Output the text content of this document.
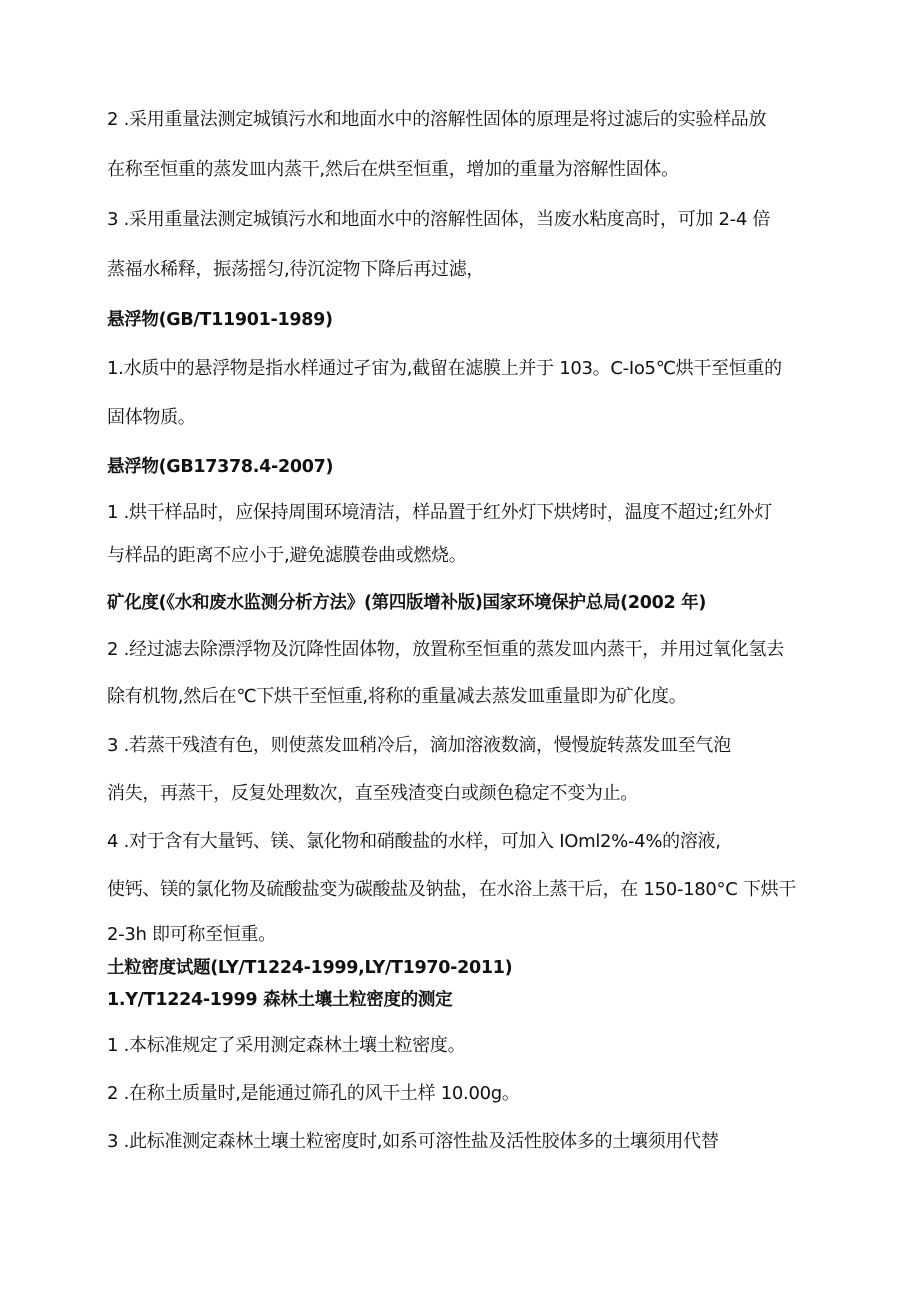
2 .采用重量法测定城镇污水和地面水中的溶解性固体的原理是将过滤后的实验样品放
在称至恒重的蒸发皿内蒸干,然后在烘至恒重，增加的重量为溶解性固体。
3 .采用重量法测定城镇污水和地面水中的溶解性固体，当废水粘度高时，可加 2-4 倍
蒸福水稀释，振荡摇匀,待沉淀物下降后再过滤，
悬浮物(GB/T11901-1989)
1.水质中的悬浮物是指水样通过孑宙为,截留在滤膜上并于 103。C-Io5℃烘干至恒重的
固体物质。
悬浮物(GB17378.4-2007)
1 .烘干样品时，应保持周围环境清洁，样品置于红外灯下烘烤时，温度不超过;红外灯
与样品的距离不应小于,避免滤膜卷曲或燃烧。
矿化度(《水和废水监测分析方法》(第四版增补版)国家环境保护总局(2002 年)
2 .经过滤去除漂浮物及沉降性固体物，放置称至恒重的蒸发皿内蒸干，并用过氧化氢去
除有机物,然后在℃下烘干至恒重,将称的重量减去蒸发皿重量即为矿化度。
3 .若蒸干残渣有色，则使蒸发皿稍冷后，滴加溶液数滴，慢慢旋转蒸发皿至气泡
消失，再蒸干，反复处理数次，直至残渣变白或颜色稳定不变为止。
4 .对于含有大量钙、镁、氯化物和硝酸盐的水样，可加入 IOml2%-4%的溶液,
使钙、镁的氯化物及硫酸盐变为碳酸盐及钠盐，在水浴上蒸干后，在 150-180°C 下烘干
2-3h 即可称至恒重。
土粒密度试题(LY/T1224-1999,LY/T1970-2011)
1.Y/T1224-1999 森林土壤土粒密度的测定
1 .本标准规定了采用测定森林土壤土粒密度。
2 .在称土质量时,是能通过筛孔的风干土样 10.00g。
3 .此标准测定森林土壤土粒密度时,如系可溶性盐及活性胶体多的土壤须用代替
